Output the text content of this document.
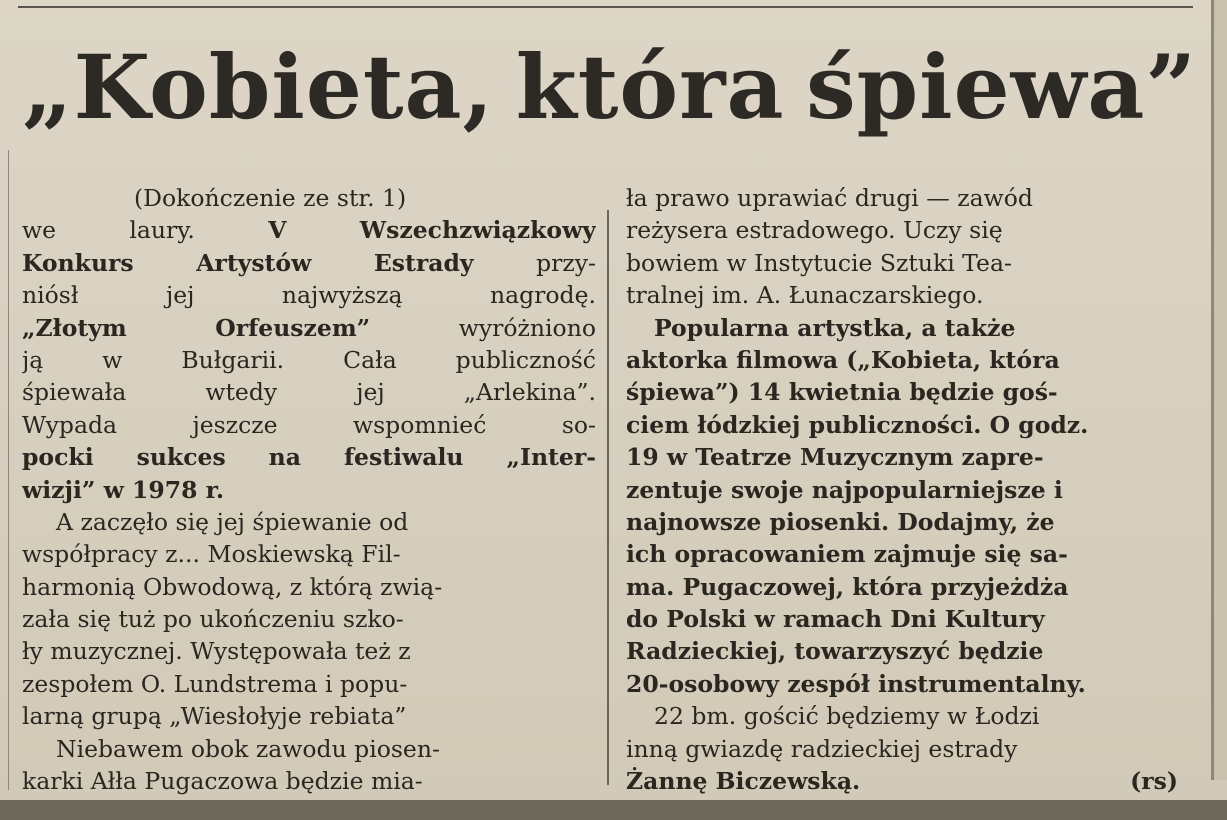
„Kobieta, która śpiewa”
(Dokończenie ze str. 1)
we	laury.	V	Wszechzwiązkowy
Konkurs	Artystów	Estrady	przy-
niósł	jej	najwyższą	nagrodę.
„Złotym	Orfeuszem”	wyróżniono
ją	w	Bułgarii.	Cała	publiczność
śpiewała	wtedy	jej	„Arlekina”.
Wypada	jeszcze	wspomnieć	so-
pocki sukces na festiwalu „Inter-
wizji” w 1978 r.
A zaczęło się jej śpiewanie od
współpracy z... Moskiewską Fil-
harmonią Obwodową, z którą zwią-
zała się tuż po ukończeniu szko-
ły muzycznej. Występowała też z
zespołem O. Lundstrema i popu-
larną grupą „Wiesłołyje rebiata”
Niebawem obok zawodu piosen-
karki Ałła Pugaczowa będzie mia-
ła prawo uprawiać drugi — zawód
reżysera estradowego. Uczy się
bowiem w Instytucie Sztuki Tea-
tralnej im. A. Łunaczarskiego.
Popularna artystka, a także
aktorka filmowa („Kobieta, która
śpiewa”) 14 kwietnia będzie goś-
ciem łódzkiej publiczności. O godz.
19 w Teatrze Muzycznym zapre-
zentuje swoje najpopularniejsze i
najnowsze piosenki. Dodajmy, że
ich opracowaniem zajmuje się sa-
ma. Pugaczowej, która przyjeżdża
do Polski w ramach Dni Kultury
Radzieckiej, towarzyszyć będzie
20-osobowy zespół instrumentalny.
22 bm. gościć będziemy w Łodzi
inną gwiazdę radzieckiej estrady
Żannę Biczewską.	(rs)
